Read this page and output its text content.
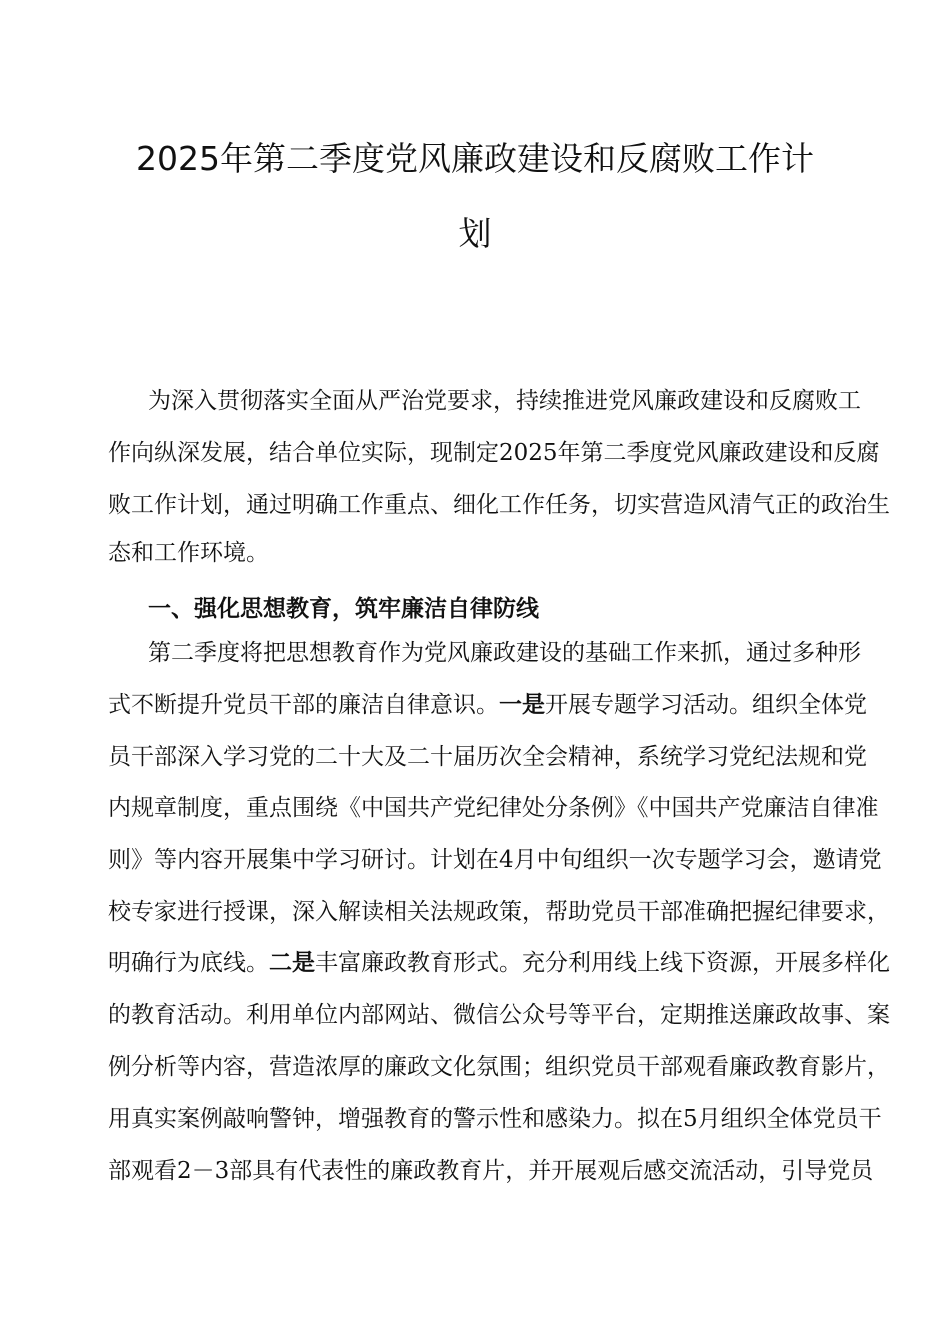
2025年第二季度党风廉政建设和反腐败工作计
划
为深入贯彻落实全面从严治党要求，持续推进党风廉政建设和反腐败工
作向纵深发展，结合单位实际，现制定2025年第二季度党风廉政建设和反腐
败工作计划，通过明确工作重点、细化工作任务，切实营造风清气正的政治生
态和工作环境。
一、强化思想教育，筑牢廉洁自律防线
第二季度将把思想教育作为党风廉政建设的基础工作来抓，通过多种形
式不断提升党员干部的廉洁自律意识。一是开展专题学习活动。组织全体党
员干部深入学习党的二十大及二十届历次全会精神，系统学习党纪法规和党
内规章制度，重点围绕《中国共产党纪律处分条例》《中国共产党廉洁自律准
则》等内容开展集中学习研讨。计划在4月中旬组织一次专题学习会，邀请党
校专家进行授课，深入解读相关法规政策，帮助党员干部准确把握纪律要求，
明确行为底线。二是丰富廉政教育形式。充分利用线上线下资源，开展多样化
的教育活动。利用单位内部网站、微信公众号等平台，定期推送廉政故事、案
例分析等内容，营造浓厚的廉政文化氛围；组织党员干部观看廉政教育影片，
用真实案例敲响警钟，增强教育的警示性和感染力。拟在5月组织全体党员干
部观看2－3部具有代表性的廉政教育片，并开展观后感交流活动，引导党员
